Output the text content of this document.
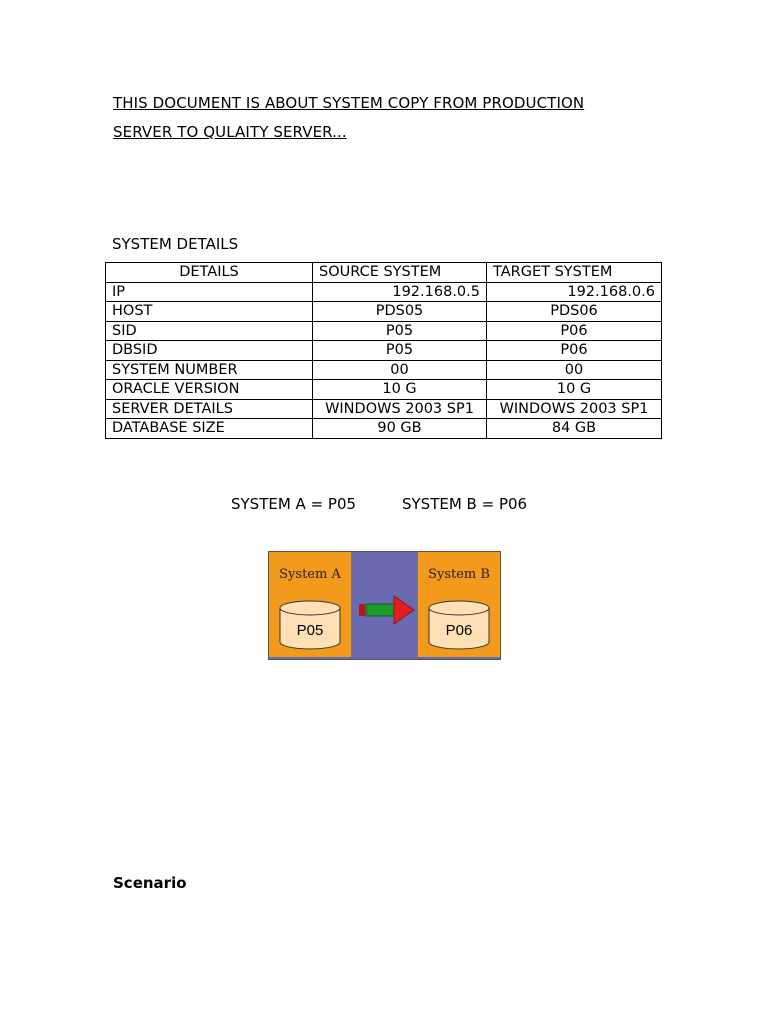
THIS DOCUMENT IS ABOUT SYSTEM COPY FROM PRODUCTION
SERVER TO QULAITY SERVER...
SYSTEM DETAILS
DETAILS	SOURCE SYSTEM	TARGET SYSTEM
IP	192.168.0.5	192.168.0.6
HOST	PDS05	PDS06
SID	P05	P06
DBSID	P05	P06
SYSTEM NUMBER	00	00
ORACLE VERSION	10 G	10 G
SERVER DETAILS	WINDOWS 2003 SP1	WINDOWS 2003 SP1
DATABASE SIZE	90 GB	84 GB
SYSTEM A = P05	SYSTEM B = P06
System A
P05
System B
P06
Scenario
